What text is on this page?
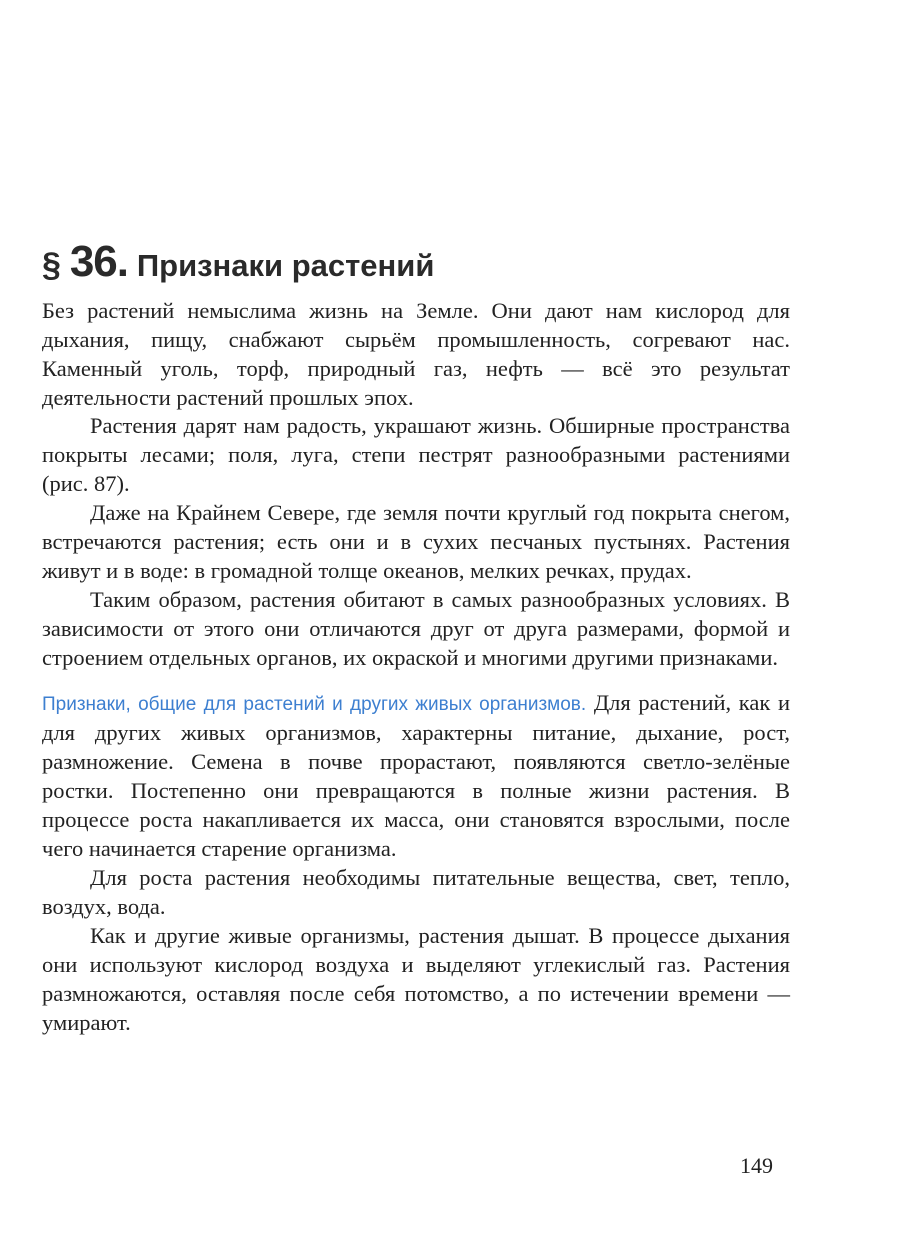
§ 36. Признаки растений

Без растений немыслима жизнь на Земле. Они дают нам кислород для дыхания, пищу, снабжают сырьём промышленность, согревают нас. Каменный уголь, торф, природный газ, нефть — всё это результат деятельности растений прошлых эпох.

Растения дарят нам радость, украшают жизнь. Обширные пространства покрыты лесами; поля, луга, степи пестрят разнообразными растениями (рис. 87).

Даже на Крайнем Севере, где земля почти круглый год покрыта снегом, встречаются растения; есть они и в сухих песчаных пустынях. Растения живут и в воде: в громадной толще океанов, мелких речках, прудах.

Таким образом, растения обитают в самых разнообразных условиях. В зависимости от этого они отличаются друг от друга размерами, формой и строением отдельных органов, их окраской и многими другими признаками.

Признаки, общие для растений и других живых организмов. Для растений, как и для других живых организмов, характерны питание, дыхание, рост, размножение. Семена в почве прорастают, появляются светло-зелёные ростки. Постепенно они превращаются в полные жизни растения. В процессе роста накапливается их масса, они становятся взрослыми, после чего начинается старение организма.

Для роста растения необходимы питательные вещества, свет, тепло, воздух, вода.

Как и другие живые организмы, растения дышат. В процессе дыхания они используют кислород воздуха и выделяют углекислый газ. Растения размножаются, оставляя после себя потомство, а по истечении времени — умирают.

149
